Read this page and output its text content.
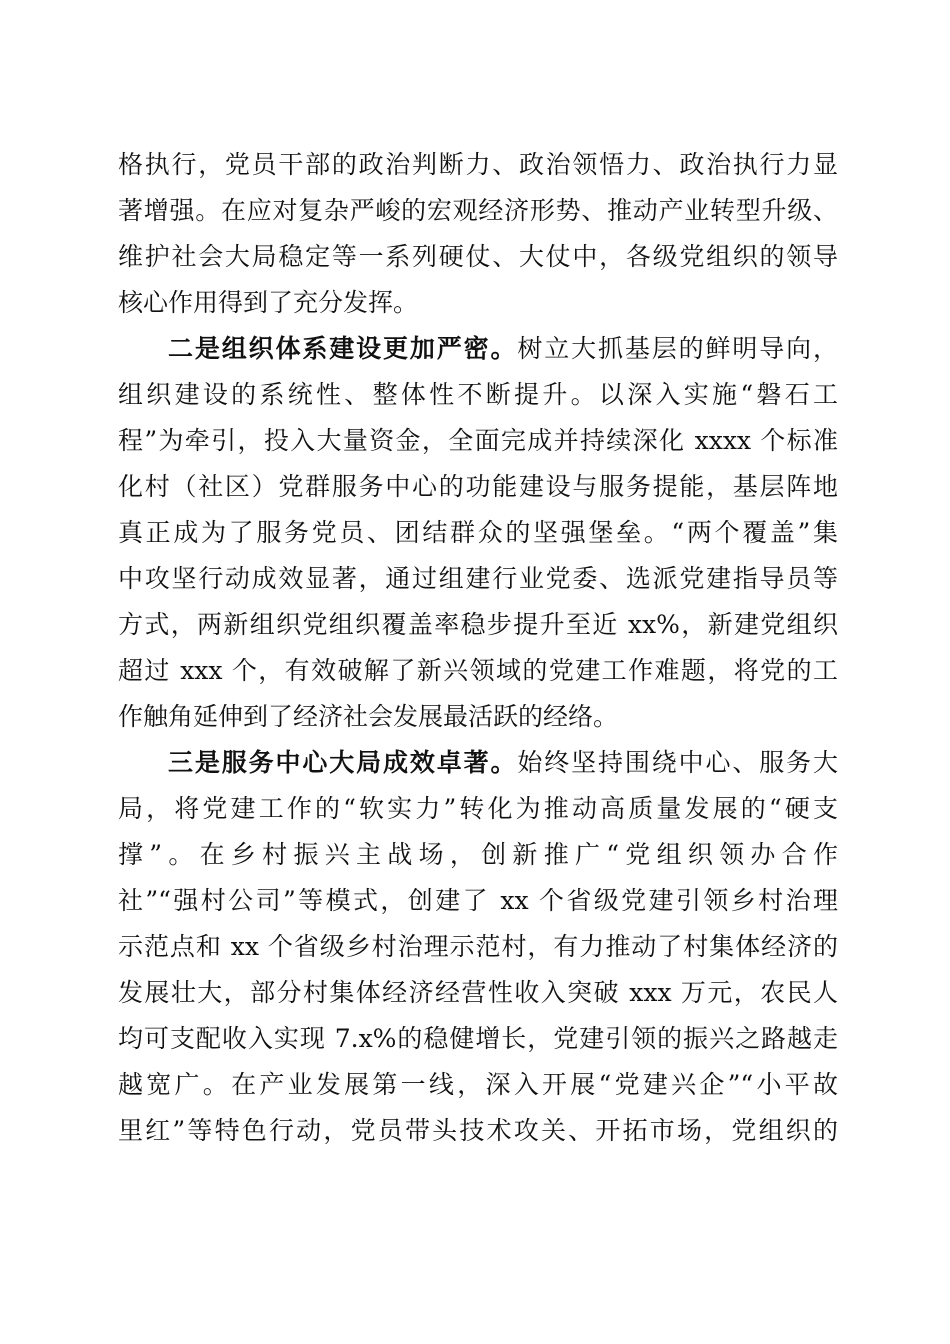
格执行，党员干部的政治判断力、政治领悟力、政治执行力显
著增强。在应对复杂严峻的宏观经济形势、推动产业转型升级、
维护社会大局稳定等一系列硬仗、大仗中，各级党组织的领导
核心作用得到了充分发挥。
二是组织体系建设更加严密。树立大抓基层的鲜明导向，
组织建设的系统性、整体性不断提升。以深入实施“磐石工
程”为牵引，投入大量资金，全面完成并持续深化 xxxx 个标准
化村（社区）党群服务中心的功能建设与服务提能，基层阵地
真正成为了服务党员、团结群众的坚强堡垒。“两个覆盖”集
中攻坚行动成效显著，通过组建行业党委、选派党建指导员等
方式，两新组织党组织覆盖率稳步提升至近 xx%，新建党组织
超过 xxx 个，有效破解了新兴领域的党建工作难题，将党的工
作触角延伸到了经济社会发展最活跃的经络。
三是服务中心大局成效卓著。始终坚持围绕中心、服务大
局，将党建工作的“软实力”转化为推动高质量发展的“硬支
撑”。在乡村振兴主战场，创新推广“党组织领办合作
社”“强村公司”等模式，创建了 xx 个省级党建引领乡村治理
示范点和 xx 个省级乡村治理示范村，有力推动了村集体经济的
发展壮大，部分村集体经济经营性收入突破 xxx 万元，农民人
均可支配收入实现 7.x%的稳健增长，党建引领的振兴之路越走
越宽广。在产业发展第一线，深入开展“党建兴企”“小平故
里红”等特色行动，党员带头技术攻关、开拓市场，党组织的
